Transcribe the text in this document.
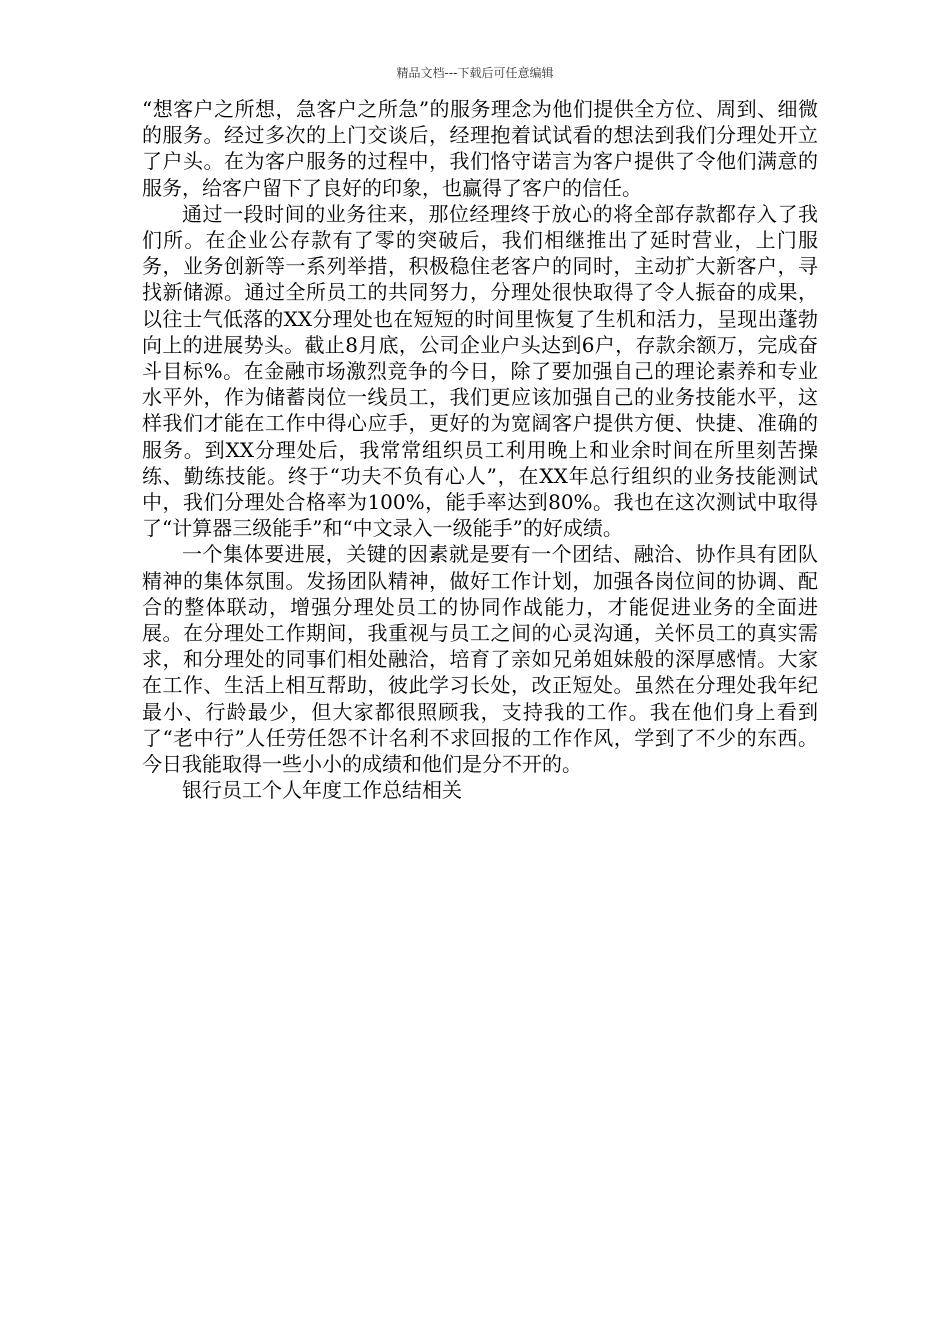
精品文档---下载后可任意编辑

“想客户之所想，急客户之所急”的服务理念为他们提供全方位、周到、细微的服务。经过多次的上门交谈后，经理抱着试试看的想法到我们分理处开立了户头。在为客户服务的过程中，我们恪守诺言为客户提供了令他们满意的服务，给客户留下了良好的印象，也赢得了客户的信任。

通过一段时间的业务往来，那位经理终于放心的将全部存款都存入了我们所。在企业公存款有了零的突破后，我们相继推出了延时营业，上门服务，业务创新等一系列举措，积极稳住老客户的同时，主动扩大新客户，寻找新储源。通过全所员工的共同努力，分理处很快取得了令人振奋的成果，以往士气低落的XX分理处也在短短的时间里恢复了生机和活力，呈现出蓬勃向上的进展势头。截止8月底，公司企业户头达到6户，存款余额万，完成奋斗目标%。在金融市场激烈竞争的今日，除了要加强自己的理论素养和专业水平外，作为储蓄岗位一线员工，我们更应该加强自己的业务技能水平，这样我们才能在工作中得心应手，更好的为宽阔客户提供方便、快捷、准确的服务。到XX分理处后，我常常组织员工利用晚上和业余时间在所里刻苦操练、勤练技能。终于“功夫不负有心人”，在XX年总行组织的业务技能测试中，我们分理处合格率为100%，能手率达到80%。我也在这次测试中取得了“计算器三级能手”和“中文录入一级能手”的好成绩。

一个集体要进展，关键的因素就是要有一个团结、融洽、协作具有团队精神的集体氛围。发扬团队精神，做好工作计划，加强各岗位间的协调、配合的整体联动，增强分理处员工的协同作战能力，才能促进业务的全面进展。在分理处工作期间，我重视与员工之间的心灵沟通，关怀员工的真实需求，和分理处的同事们相处融洽，培育了亲如兄弟姐妹般的深厚感情。大家在工作、生活上相互帮助，彼此学习长处，改正短处。虽然在分理处我年纪最小、行龄最少，但大家都很照顾我，支持我的工作。我在他们身上看到了“老中行”人任劳任怨不计名利不求回报的工作作风，学到了不少的东西。今日我能取得一些小小的成绩和他们是分不开的。

银行员工个人年度工作总结相关
